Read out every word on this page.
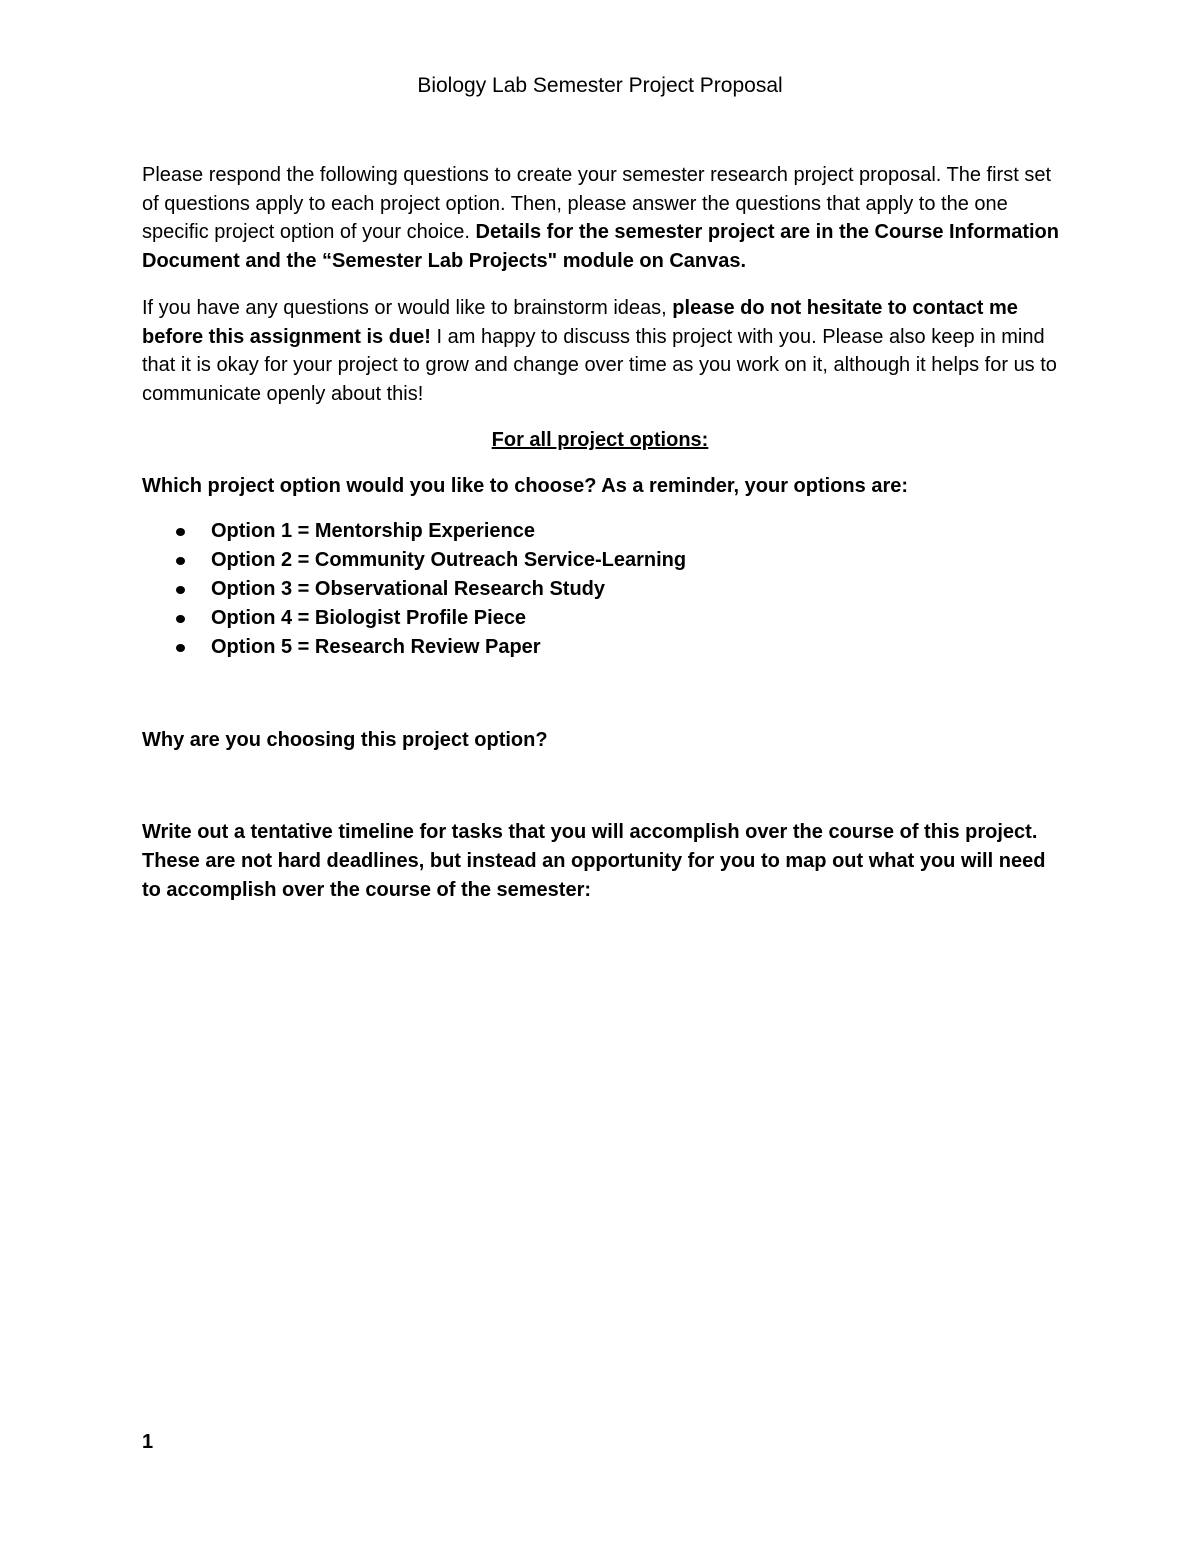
Biology Lab Semester Project Proposal

Please respond the following questions to create your semester research project proposal. The first set of questions apply to each project option. Then, please answer the questions that apply to the one specific project option of your choice. Details for the semester project are in the Course Information Document and the “Semester Lab Projects" module on Canvas.

If you have any questions or would like to brainstorm ideas, please do not hesitate to contact me before this assignment is due! I am happy to discuss this project with you. Please also keep in mind that it is okay for your project to grow and change over time as you work on it, although it helps for us to communicate openly about this!

For all project options:

Which project option would you like to choose? As a reminder, your options are:

Option 1 = Mentorship Experience
Option 2 = Community Outreach Service-Learning
Option 3 = Observational Research Study
Option 4 = Biologist Profile Piece
Option 5 = Research Review Paper

Why are you choosing this project option?

Write out a tentative timeline for tasks that you will accomplish over the course of this project. These are not hard deadlines, but instead an opportunity for you to map out what you will need to accomplish over the course of the semester:

1
